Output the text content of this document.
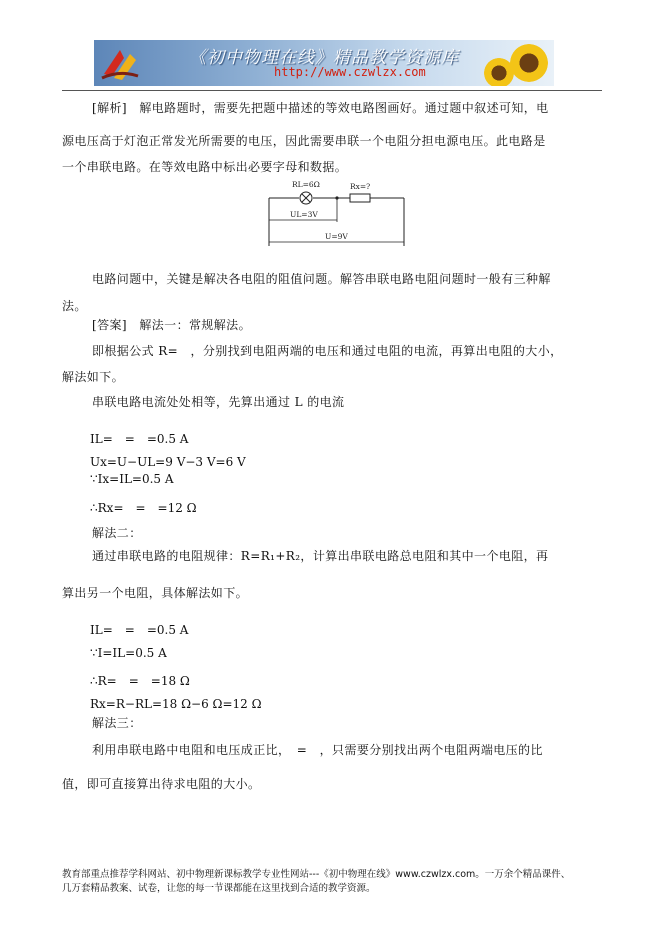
《初中物理在线》精品教学资源库
http://www.czwlzx.com
[解析]　解电路题时，需要先把题中描述的等效电路图画好。通过题中叙述可知，电
源电压高于灯泡正常发光所需要的电压，因此需要串联一个电阻分担电源电压。此电路是
一个串联电路。在等效电路中标出必要字母和数据。
RL=6Ω	Rx=?
UL=3V
U=9V
电路问题中，关键是解决各电阻的阻值问题。解答串联电路电阻问题时一般有三种解
法。
[答案]　解法一：常规解法。
即根据公式 R=　，分别找到电阻两端的电压和通过电阻的电流，再算出电阻的大小，
解法如下。
串联电路电流处处相等，先算出通过 L 的电流
IL=　=　=0.5 A
Ux=U−UL=9 V−3 V=6 V
∵Ix=IL=0.5 A
∴Rx=　=　=12 Ω
解法二：
通过串联电路的电阻规律：R=R₁+R₂，计算出串联电路总电阻和其中一个电阻，再
算出另一个电阻，具体解法如下。
IL=　=　=0.5 A
∵I=IL=0.5 A
∴R=　=　=18 Ω
Rx=R−RL=18 Ω−6 Ω=12 Ω
解法三：
利用串联电路中电阻和电压成正比，　=　，只需要分别找出两个电阻两端电压的比
值，即可直接算出待求电阻的大小。
教育部重点推荐学科网站、初中物理新课标教学专业性网站---《初中物理在线》www.czwlzx.com。一万余个精品课件、
几万套精品教案、试卷，让您的每一节课都能在这里找到合适的教学资源。
